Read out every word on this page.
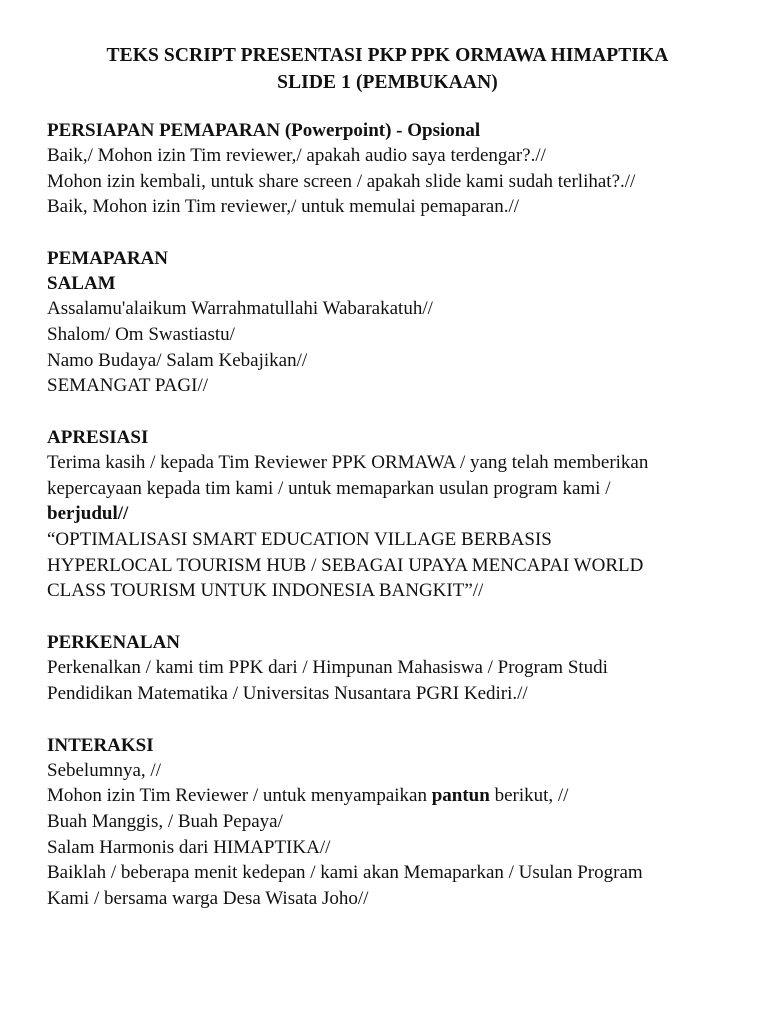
TEKS SCRIPT PRESENTASI PKP PPK ORMAWA HIMAPTIKA

SLIDE 1 (PEMBUKAAN)

PERSIAPAN PEMAPARAN (Powerpoint) - Opsional

Baik,/ Mohon izin Tim reviewer,/ apakah audio saya terdengar?.//

Mohon izin kembali, untuk share screen / apakah slide kami sudah terlihat?.//

Baik, Mohon izin Tim reviewer,/ untuk memulai pemaparan.//

PEMAPARAN

SALAM

Assalamu'alaikum Warrahmatullahi Wabarakatuh//

Shalom/ Om Swastiastu/

Namo Budaya/ Salam Kebajikan//

SEMANGAT PAGI//

APRESIASI

Terima kasih / kepada Tim Reviewer PPK ORMAWA / yang telah memberikan

kepercayaan kepada tim kami / untuk memaparkan usulan program kami /

berjudul//

“OPTIMALISASI SMART EDUCATION VILLAGE BERBASIS

HYPERLOCAL TOURISM HUB / SEBAGAI UPAYA MENCAPAI WORLD

CLASS TOURISM UNTUK INDONESIA BANGKIT”//

PERKENALAN

Perkenalkan / kami tim PPK dari / Himpunan Mahasiswa / Program Studi

Pendidikan Matematika / Universitas Nusantara PGRI Kediri.//

INTERAKSI

Sebelumnya, //

Mohon izin Tim Reviewer / untuk menyampaikan pantun berikut, //

Buah Manggis, / Buah Pepaya/

Salam Harmonis dari HIMAPTIKA//

Baiklah / beberapa menit kedepan / kami akan Memaparkan / Usulan Program

Kami / bersama warga Desa Wisata Joho//
